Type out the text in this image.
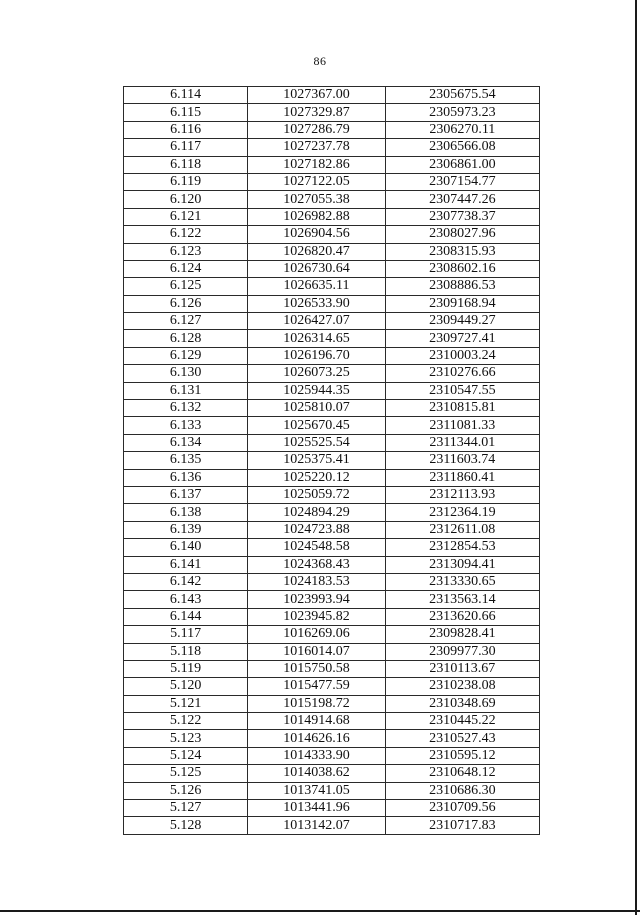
86
6.114	1027367.00	2305675.54
6.115	1027329.87	2305973.23
6.116	1027286.79	2306270.11
6.117	1027237.78	2306566.08
6.118	1027182.86	2306861.00
6.119	1027122.05	2307154.77
6.120	1027055.38	2307447.26
6.121	1026982.88	2307738.37
6.122	1026904.56	2308027.96
6.123	1026820.47	2308315.93
6.124	1026730.64	2308602.16
6.125	1026635.11	2308886.53
6.126	1026533.90	2309168.94
6.127	1026427.07	2309449.27
6.128	1026314.65	2309727.41
6.129	1026196.70	2310003.24
6.130	1026073.25	2310276.66
6.131	1025944.35	2310547.55
6.132	1025810.07	2310815.81
6.133	1025670.45	2311081.33
6.134	1025525.54	2311344.01
6.135	1025375.41	2311603.74
6.136	1025220.12	2311860.41
6.137	1025059.72	2312113.93
6.138	1024894.29	2312364.19
6.139	1024723.88	2312611.08
6.140	1024548.58	2312854.53
6.141	1024368.43	2313094.41
6.142	1024183.53	2313330.65
6.143	1023993.94	2313563.14
6.144	1023945.82	2313620.66
5.117	1016269.06	2309828.41
5.118	1016014.07	2309977.30
5.119	1015750.58	2310113.67
5.120	1015477.59	2310238.08
5.121	1015198.72	2310348.69
5.122	1014914.68	2310445.22
5.123	1014626.16	2310527.43
5.124	1014333.90	2310595.12
5.125	1014038.62	2310648.12
5.126	1013741.05	2310686.30
5.127	1013441.96	2310709.56
5.128	1013142.07	2310717.83
